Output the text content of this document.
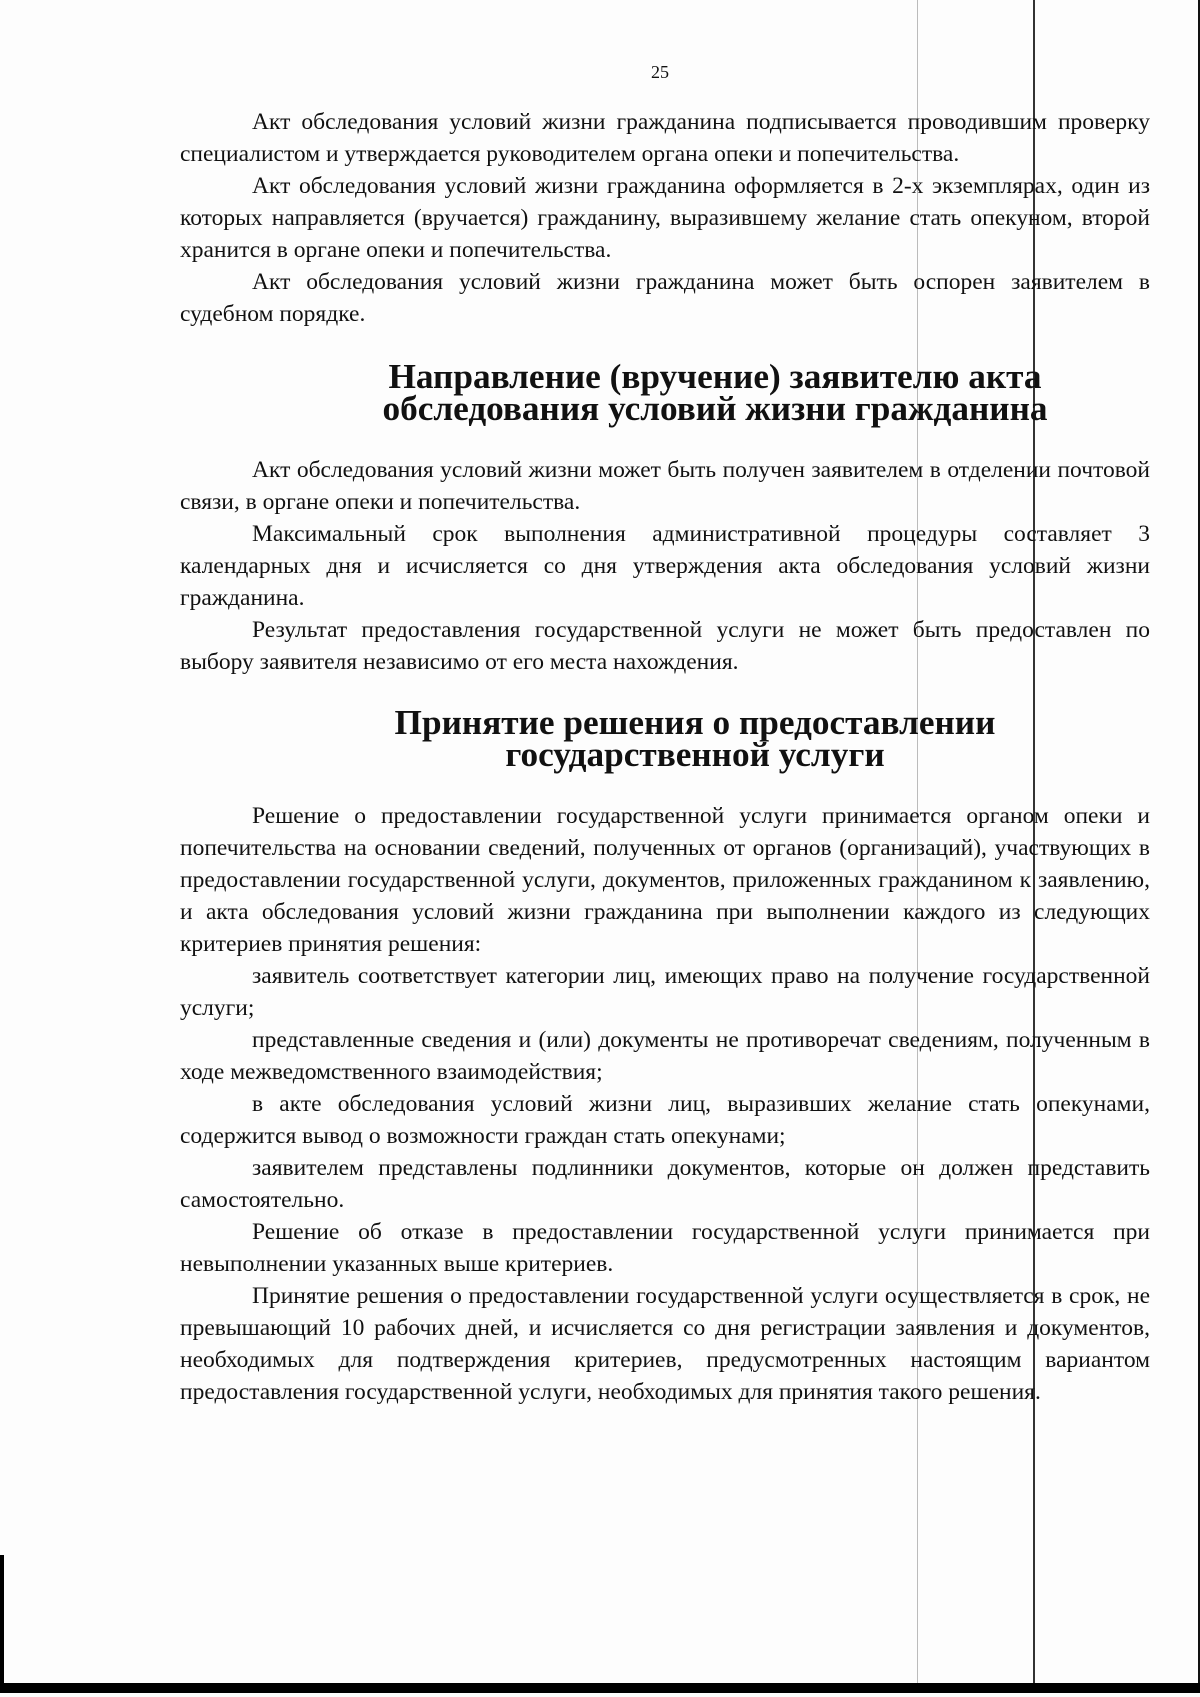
25

Акт обследования условий жизни гражданина подписывается проводившим проверку специалистом и утверждается руководителем органа опеки и попечительства.

Акт обследования условий жизни гражданина оформляется в 2-х экземплярах, один из которых направляется (вручается) гражданину, выразившему желание стать опекуном, второй хранится в органе опеки и попечительства.

Акт обследования условий жизни гражданина может быть оспорен заявителем в судебном порядке.

Направление (вручение) заявителю акта обследования условий жизни гражданина

Акт обследования условий жизни может быть получен заявителем в отделении почтовой связи, в органе опеки и попечительства.

Максимальный срок выполнения административной процедуры составляет 3 календарных дня и исчисляется со дня утверждения акта обследования условий жизни гражданина.

Результат предоставления государственной услуги не может быть предоставлен по выбору заявителя независимо от его места нахождения.

Принятие решения о предоставлении государственной услуги

Решение о предоставлении государственной услуги принимается органом опеки и попечительства на основании сведений, полученных от органов (организаций), участвующих в предоставлении государственной услуги, документов, приложенных гражданином к заявлению, и акта обследования условий жизни гражданина при выполнении каждого из следующих критериев принятия решения:

заявитель соответствует категории лиц, имеющих право на получение государственной услуги;

представленные сведения и (или) документы не противоречат сведениям, полученным в ходе межведомственного взаимодействия;

в акте обследования условий жизни лиц, выразивших желание стать опекунами, содержится вывод о возможности граждан стать опекунами;

заявителем представлены подлинники документов, которые он должен представить самостоятельно.

Решение об отказе в предоставлении государственной услуги принимается при невыполнении указанных выше критериев.

Принятие решения о предоставлении государственной услуги осуществляется в срок, не превышающий 10 рабочих дней, и исчисляется со дня регистрации заявления и документов, необходимых для подтверждения критериев, предусмотренных настоящим вариантом предоставления государственной услуги, необходимых для принятия такого решения.
